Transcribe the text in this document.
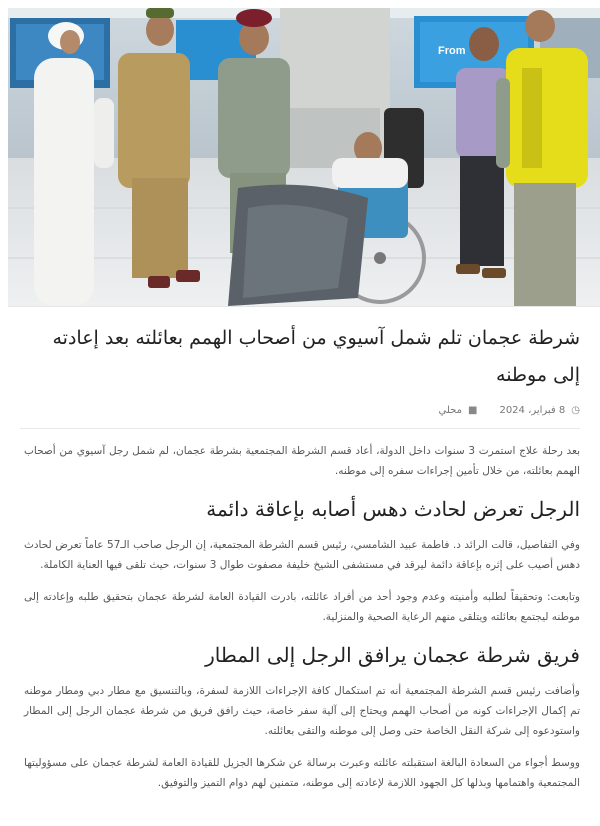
From
شرطة عجمان تلم شمل آسيوي من أصحاب الهمم بعائلته بعد إعادته إلى موطنه
◷
8 فبراير، 2024
■
محلي

بعد رحلة علاج استمرت 3 سنوات داخل الدولة، أعاد قسم الشرطة المجتمعية بشرطة عجمان، لم شمل رجل آسيوي من أصحاب الهمم بعائلته، من خلال تأمين إجراءات سفره إلى موطنه.

الرجل تعرض لحادث دهس أصابه بإعاقة دائمة

وفي التفاصيل، قالت الرائد د. فاطمة عبيد الشامسي، رئيس قسم الشرطة المجتمعية، إن الرجل صاحب الـ57 عاماً تعرض لحادث دهس أصيب على إثره بإعاقة دائمة ليرقد في مستشفى الشيخ خليفة مصفوت طوال 3 سنوات، حيث تلقى فيها العناية الكاملة.

وتابعت: وتحقيقاً لطلبه وأمنيته وعدم وجود أحد من أفراد عائلته، بادرت القيادة العامة لشرطة عجمان بتحقيق طلبه وإعادته إلى موطنه ليجتمع بعائلته ويتلقى منهم الرعاية الصحية والمنزلية.

فريق شرطة عجمان يرافق الرجل إلى المطار

وأضافت رئيس قسم الشرطة المجتمعية أنه تم استكمال كافة الإجراءات اللازمة لسفرة، وبالتنسيق مع مطار دبي ومطار موطنه تم إكمال الإجراءات كونه من أصحاب الهمم ويحتاج إلى آلية سفر خاصة، حيث رافق فريق من شرطة عجمان الرجل إلى المطار واستودعوه إلى شركة النقل الخاصة حتى وصل إلى موطنه والتقى بعائلته.

ووسط أجواء من السعادة البالغة استقبلته عائلته وعبرت برسالة عن شكرها الجزيل للقيادة العامة لشرطة عجمان على مسؤوليتها المجتمعية واهتمامها وبذلها كل الجهود اللازمة لإعادته إلى موطنه، متمنين لهم دوام التميز والتوفيق.
